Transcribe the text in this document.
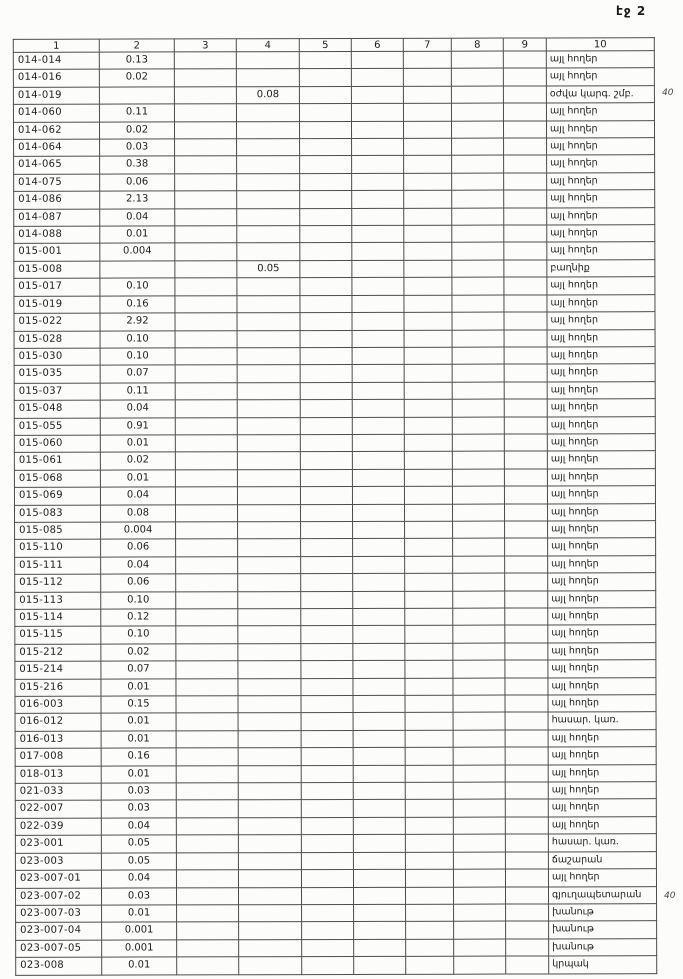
էջ 2
40
40
1	2	3	4	5	6	7	8	9	10
014-014	0.13								այլ հողեր
014-016	0.02								այլ հողեր
014-019			0.08						օժվա կարգ. շմբ.
014-060	0.11								այլ հողեր
014-062	0.02								այլ հողեր
014-064	0.03								այլ հողեր
014-065	0.38								այլ հողեր
014-075	0.06								այլ հողեր
014-086	2.13								այլ հողեր
014-087	0.04								այլ հողեր
014-088	0.01								այլ հողեր
015-001	0.004								այլ հողեր
015-008			0.05						բաղնիք
015-017	0.10								այլ հողեր
015-019	0.16								այլ հողեր
015-022	2.92								այլ հողեր
015-028	0.10								այլ հողեր
015-030	0.10								այլ հողեր
015-035	0.07								այլ հողեր
015-037	0.11								այլ հողեր
015-048	0.04								այլ հողեր
015-055	0.91								այլ հողեր
015-060	0.01								այլ հողեր
015-061	0.02								այլ հողեր
015-068	0.01								այլ հողեր
015-069	0.04								այլ հողեր
015-083	0.08								այլ հողեր
015-085	0.004								այլ հողեր
015-110	0.06								այլ հողեր
015-111	0.04								այլ հողեր
015-112	0.06								այլ հողեր
015-113	0.10								այլ հողեր
015-114	0.12								այլ հողեր
015-115	0.10								այլ հողեր
015-212	0.02								այլ հողեր
015-214	0.07								այլ հողեր
015-216	0.01								այլ հողեր
016-003	0.15								այլ հողեր
016-012	0.01								հասար. կառ.
016-013	0.01								այլ հողեր
017-008	0.16								այլ հողեր
018-013	0.01								այլ հողեր
021-033	0.03								այլ հողեր
022-007	0.03								այլ հողեր
022-039	0.04								այլ հողեր
023-001	0.05								հասար. կառ.
023-003	0.05								ճաշարան
023-007-01	0.04								այլ հողեր
023-007-02	0.03								գյուղապետարան
023-007-03	0.01								խանութ
023-007-04	0.001								խանութ
023-007-05	0.001								խանութ
023-008	0.01								կրպակ
